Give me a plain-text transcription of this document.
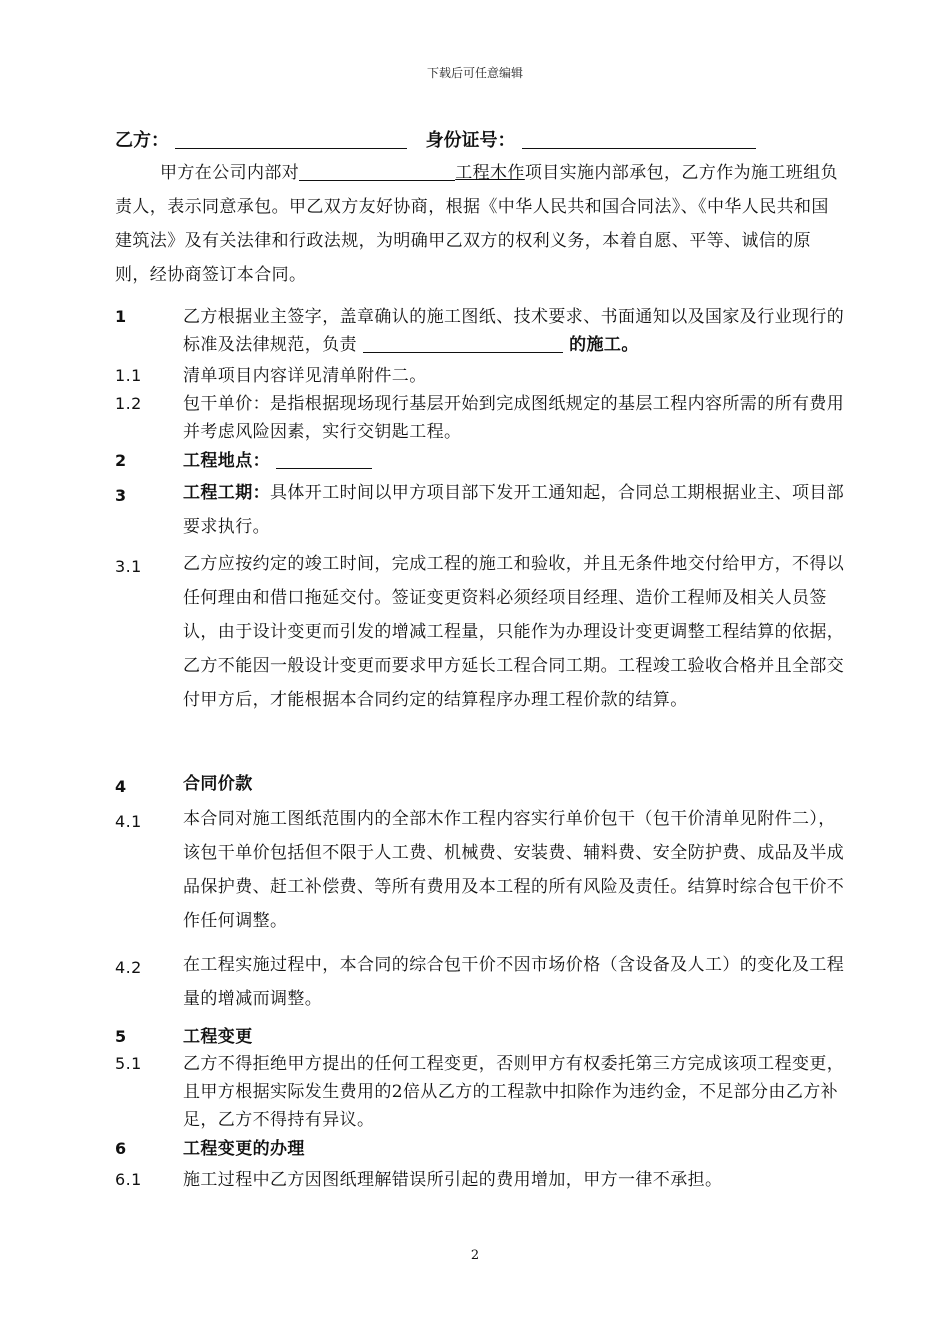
下载后可任意编辑
乙方：	身份证号：
甲方在公司内部对	工程木作项目实施内部承包，乙方作为施工班组负责人，表示同意承包。甲乙双方友好协商，根据《中华人民共和国合同法》、《中华人民共和国建筑法》及有关法律和行政法规，为明确甲乙双方的权利义务，本着自愿、平等、诚信的原则，经协商签订本合同。
1	乙方根据业主签字，盖章确认的施工图纸、技术要求、书面通知以及国家及行业现行的标准及法律规范，负责	的施工。
1.1 清单项目内容详见清单附件二。
1.2 包干单价：是指根据现场现行基层开始到完成图纸规定的基层工程内容所需的所有费用并考虑风险因素，实行交钥匙工程。
2	工程地点：
3	工程工期：具体开工时间以甲方项目部下发开工通知起，合同总工期根据业主、项目部要求执行。
3.1 乙方应按约定的竣工时间，完成工程的施工和验收，并且无条件地交付给甲方，不得以任何理由和借口拖延交付。签证变更资料必须经项目经理、造价工程师及相关人员签认，由于设计变更而引发的增减工程量，只能作为办理设计变更调整工程结算的依据，乙方不能因一般设计变更而要求甲方延长工程合同工期。工程竣工验收合格并且全部交付甲方后，才能根据本合同约定的结算程序办理工程价款的结算。
4	合同价款
4.1 本合同对施工图纸范围内的全部木作工程内容实行单价包干（包干价清单见附件二），该包干单价包括但不限于人工费、机械费、安装费、辅料费、安全防护费、成品及半成品保护费、赶工补偿费、等所有费用及本工程的所有风险及责任。结算时综合包干价不作任何调整。
4.2 在工程实施过程中，本合同的综合包干价不因市场价格（含设备及人工）的变化及工程量的增减而调整。
5	工程变更
5.1 乙方不得拒绝甲方提出的任何工程变更，否则甲方有权委托第三方完成该项工程变更，且甲方根据实际发生费用的2倍从乙方的工程款中扣除作为违约金，不足部分由乙方补足，乙方不得持有异议。
6	工程变更的办理
6.1 施工过程中乙方因图纸理解错误所引起的费用增加，甲方一律不承担。
2
